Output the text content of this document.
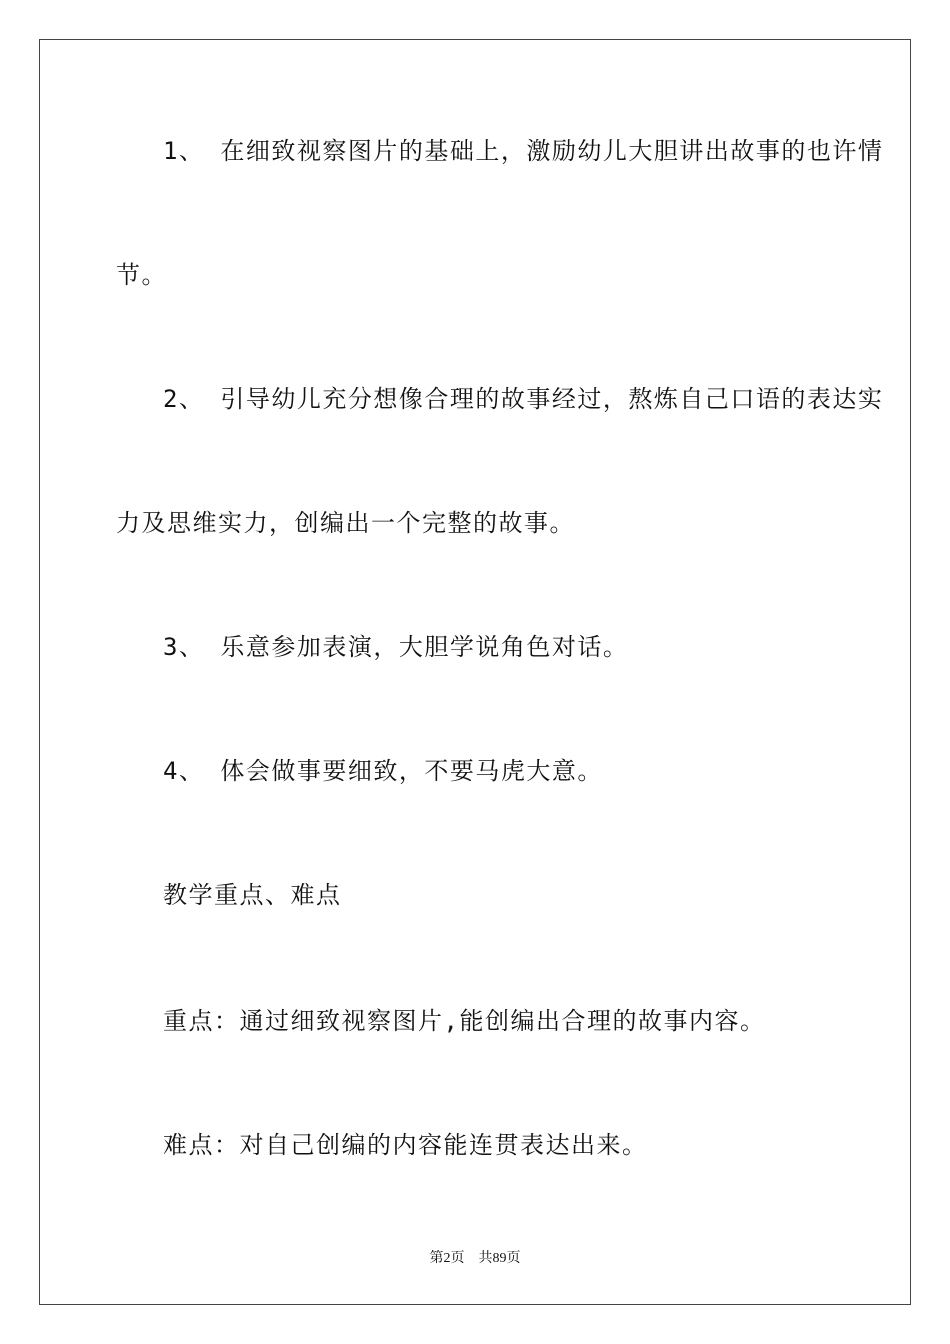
1、 在细致视察图片的基础上，激励幼儿大胆讲出故事的也许情
节。
2、 引导幼儿充分想像合理的故事经过，熬炼自己口语的表达实
力及思维实力，创编出一个完整的故事。
3、 乐意参加表演，大胆学说角色对话。
4、 体会做事要细致，不要马虎大意。
教学重点、难点
重点：通过细致视察图片,能创编出合理的故事内容。
难点：对自己创编的内容能连贯表达出来。
第2页 共89页
